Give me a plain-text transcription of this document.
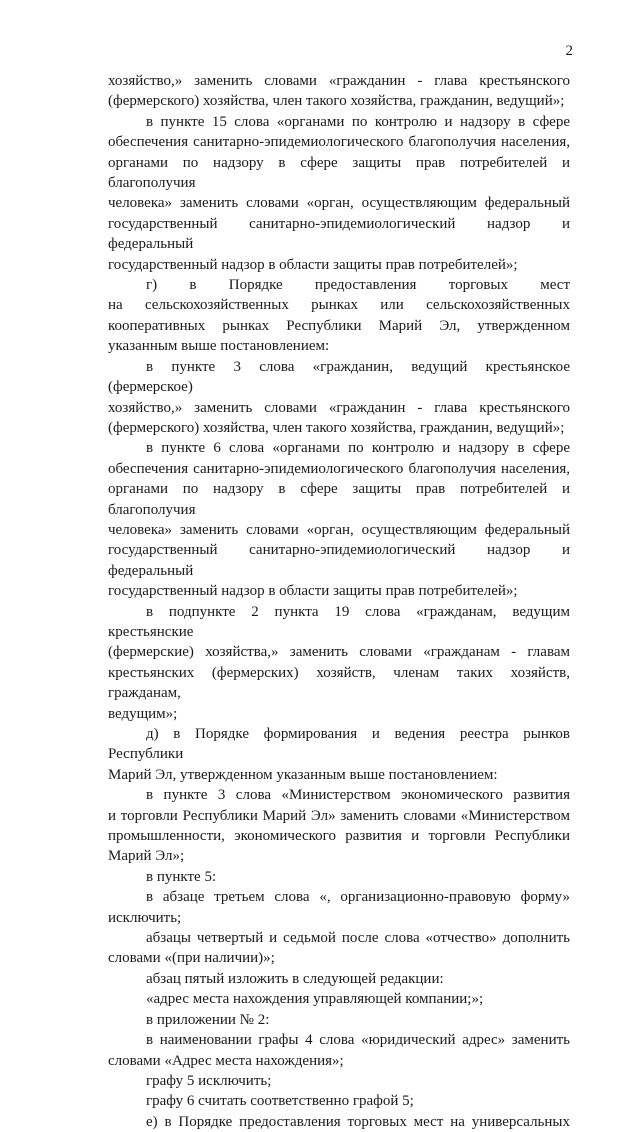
2

хозяйство,» заменить словами «гражданин - глава крестьянского

(фермерского) хозяйства, член такого хозяйства, гражданин, ведущий»;

в пункте 15 слова «органами по контролю и надзору в сфере

обеспечения санитарно-эпидемиологического благополучия населения,

органами по надзору в сфере защиты прав потребителей и благополучия

человека» заменить словами «орган, осуществляющим федеральный

государственный санитарно-эпидемиологический надзор и федеральный

государственный надзор в области защиты прав потребителей»;

г) в Порядке предоставления торговых мест

на сельскохозяйственных рынках или сельскохозяйственных

кооперативных рынках Республики Марий Эл, утвержденном

указанным выше постановлением:

в пункте 3 слова «гражданин, ведущий крестьянское (фермерское)

хозяйство,» заменить словами «гражданин - глава крестьянского

(фермерского) хозяйства, член такого хозяйства, гражданин, ведущий»;

в пункте 6 слова «органами по контролю и надзору в сфере

обеспечения санитарно-эпидемиологического благополучия населения,

органами по надзору в сфере защиты прав потребителей и благополучия

человека» заменить словами «орган, осуществляющим федеральный

государственный санитарно-эпидемиологический надзор и федеральный

государственный надзор в области защиты прав потребителей»;

в подпункте 2 пункта 19 слова «гражданам, ведущим крестьянские

(фермерские) хозяйства,» заменить словами «гражданам - главам

крестьянских (фермерских) хозяйств, членам таких хозяйств, гражданам,

ведущим»;

д) в Порядке формирования и ведения реестра рынков Республики

Марий Эл, утвержденном указанным выше постановлением:

в пункте 3 слова «Министерством экономического развития

и торговли Республики Марий Эл» заменить словами «Министерством

промышленности, экономического развития и торговли Республики

Марий Эл»;

в пункте 5:

в абзаце третьем слова «, организационно-правовую форму»

исключить;

абзацы четвертый и седьмой после слова «отчество» дополнить

словами «(при наличии)»;

абзац пятый изложить в следующей редакции:

«адрес места нахождения управляющей компании;»;

в приложении № 2:

в наименовании графы 4 слова «юридический адрес» заменить

словами «Адрес места нахождения»;

графу 5 исключить;

графу 6 считать соответственно графой 5;

е) в Порядке предоставления торговых мест на универсальных
